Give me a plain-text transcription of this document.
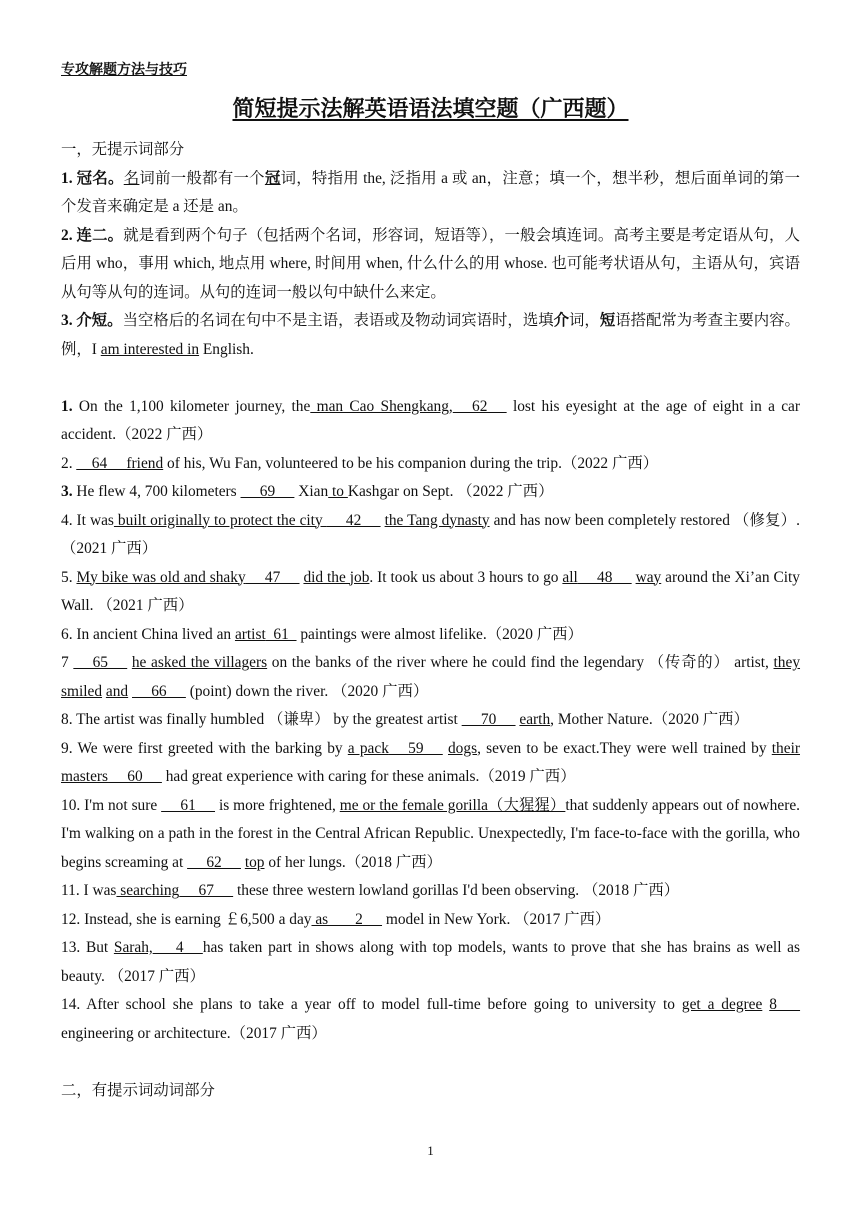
专攻解题方法与技巧
简短提示法解英语语法填空题（广西题）

一，无提示词部分

1. 冠名。名词前一般都有一个冠词，特指用 the, 泛指用 a 或 an，注意；填一个，想半秒，想后面单词的第一个发音来确定是 a 还是 an。

2. 连二。就是看到两个句子（包括两个名词，形容词，短语等），一般会填连词。高考主要是考定语从句，人后用 who，事用 which, 地点用 where, 时间用 when, 什么什么的用 whose. 也可能考状语从句，主语从句，宾语从句等从句的连词。从句的连词一般以句中缺什么来定。

3. 介短。当空格后的名词在句中不是主语，表语或及物动词宾语时，选填介词，短语搭配常为考查主要内容。例，I am interested in English.

1. On the 1,100 kilometer journey, the man Cao Shengkang, __62__  lost his eyesight at the age of eight in a car accident.（2022 广西）

2. __64__ friend of his, Wu Fan, volunteered to be his companion during the trip.（2022 广西）

3. He flew 4, 700 kilometers  __69__  Xian to Kashgar on Sept. （2022 广西）

4. It was built originally to protect the city  __42__  the Tang dynasty and has now been completely restored （修复）.（2021 广西）

5. My bike was old and shaky __47__  did the job. It took us about 3 hours to go all __48__  way around the Xi’an City Wall. （2021 广西）

6. In ancient China lived an artist  61   paintings were almost lifelike.（2020 广西）

7  __65__  he asked the villagers on the banks of the river where he could find the legendary （传奇的） artist, they smiled and  __66__  (point) down the river. （2020 广西）

8. The artist was finally humbled （谦卑） by the greatest artist  __70__  earth, Mother Nature.（2020 广西）

9. We were first greeted with the barking by a pack __59__  dogs, seven to be exact.They were well trained by their masters __60__  had great experience with caring for these animals.（2019 广西）

10. I'm not sure  __61__  is more frightened, me or the female gorilla（大猩猩）that suddenly appears out of nowhere. I'm walking on a path in the forest in the Central African Republic. Unexpectedly, I'm face-to-face with the gorilla, who begins screaming at  __62__  top of her lungs.（2018 广西）

11. I was searching __67__  these three western lowland gorillas I'd been observing. （2018 广西）

12. Instead, she is earning ￡6,500 a day as   __2__  model in New York. （2017 广西）

13. But Sarah,  __4__ has taken part in shows along with top models, wants to prove that she has brains as well as beauty. （2017 广西）

14. After school she plans to take a year off to model full-time before going to university to get a degree 8___ engineering or architecture.（2017 广西）

二，有提示词动词部分

1
